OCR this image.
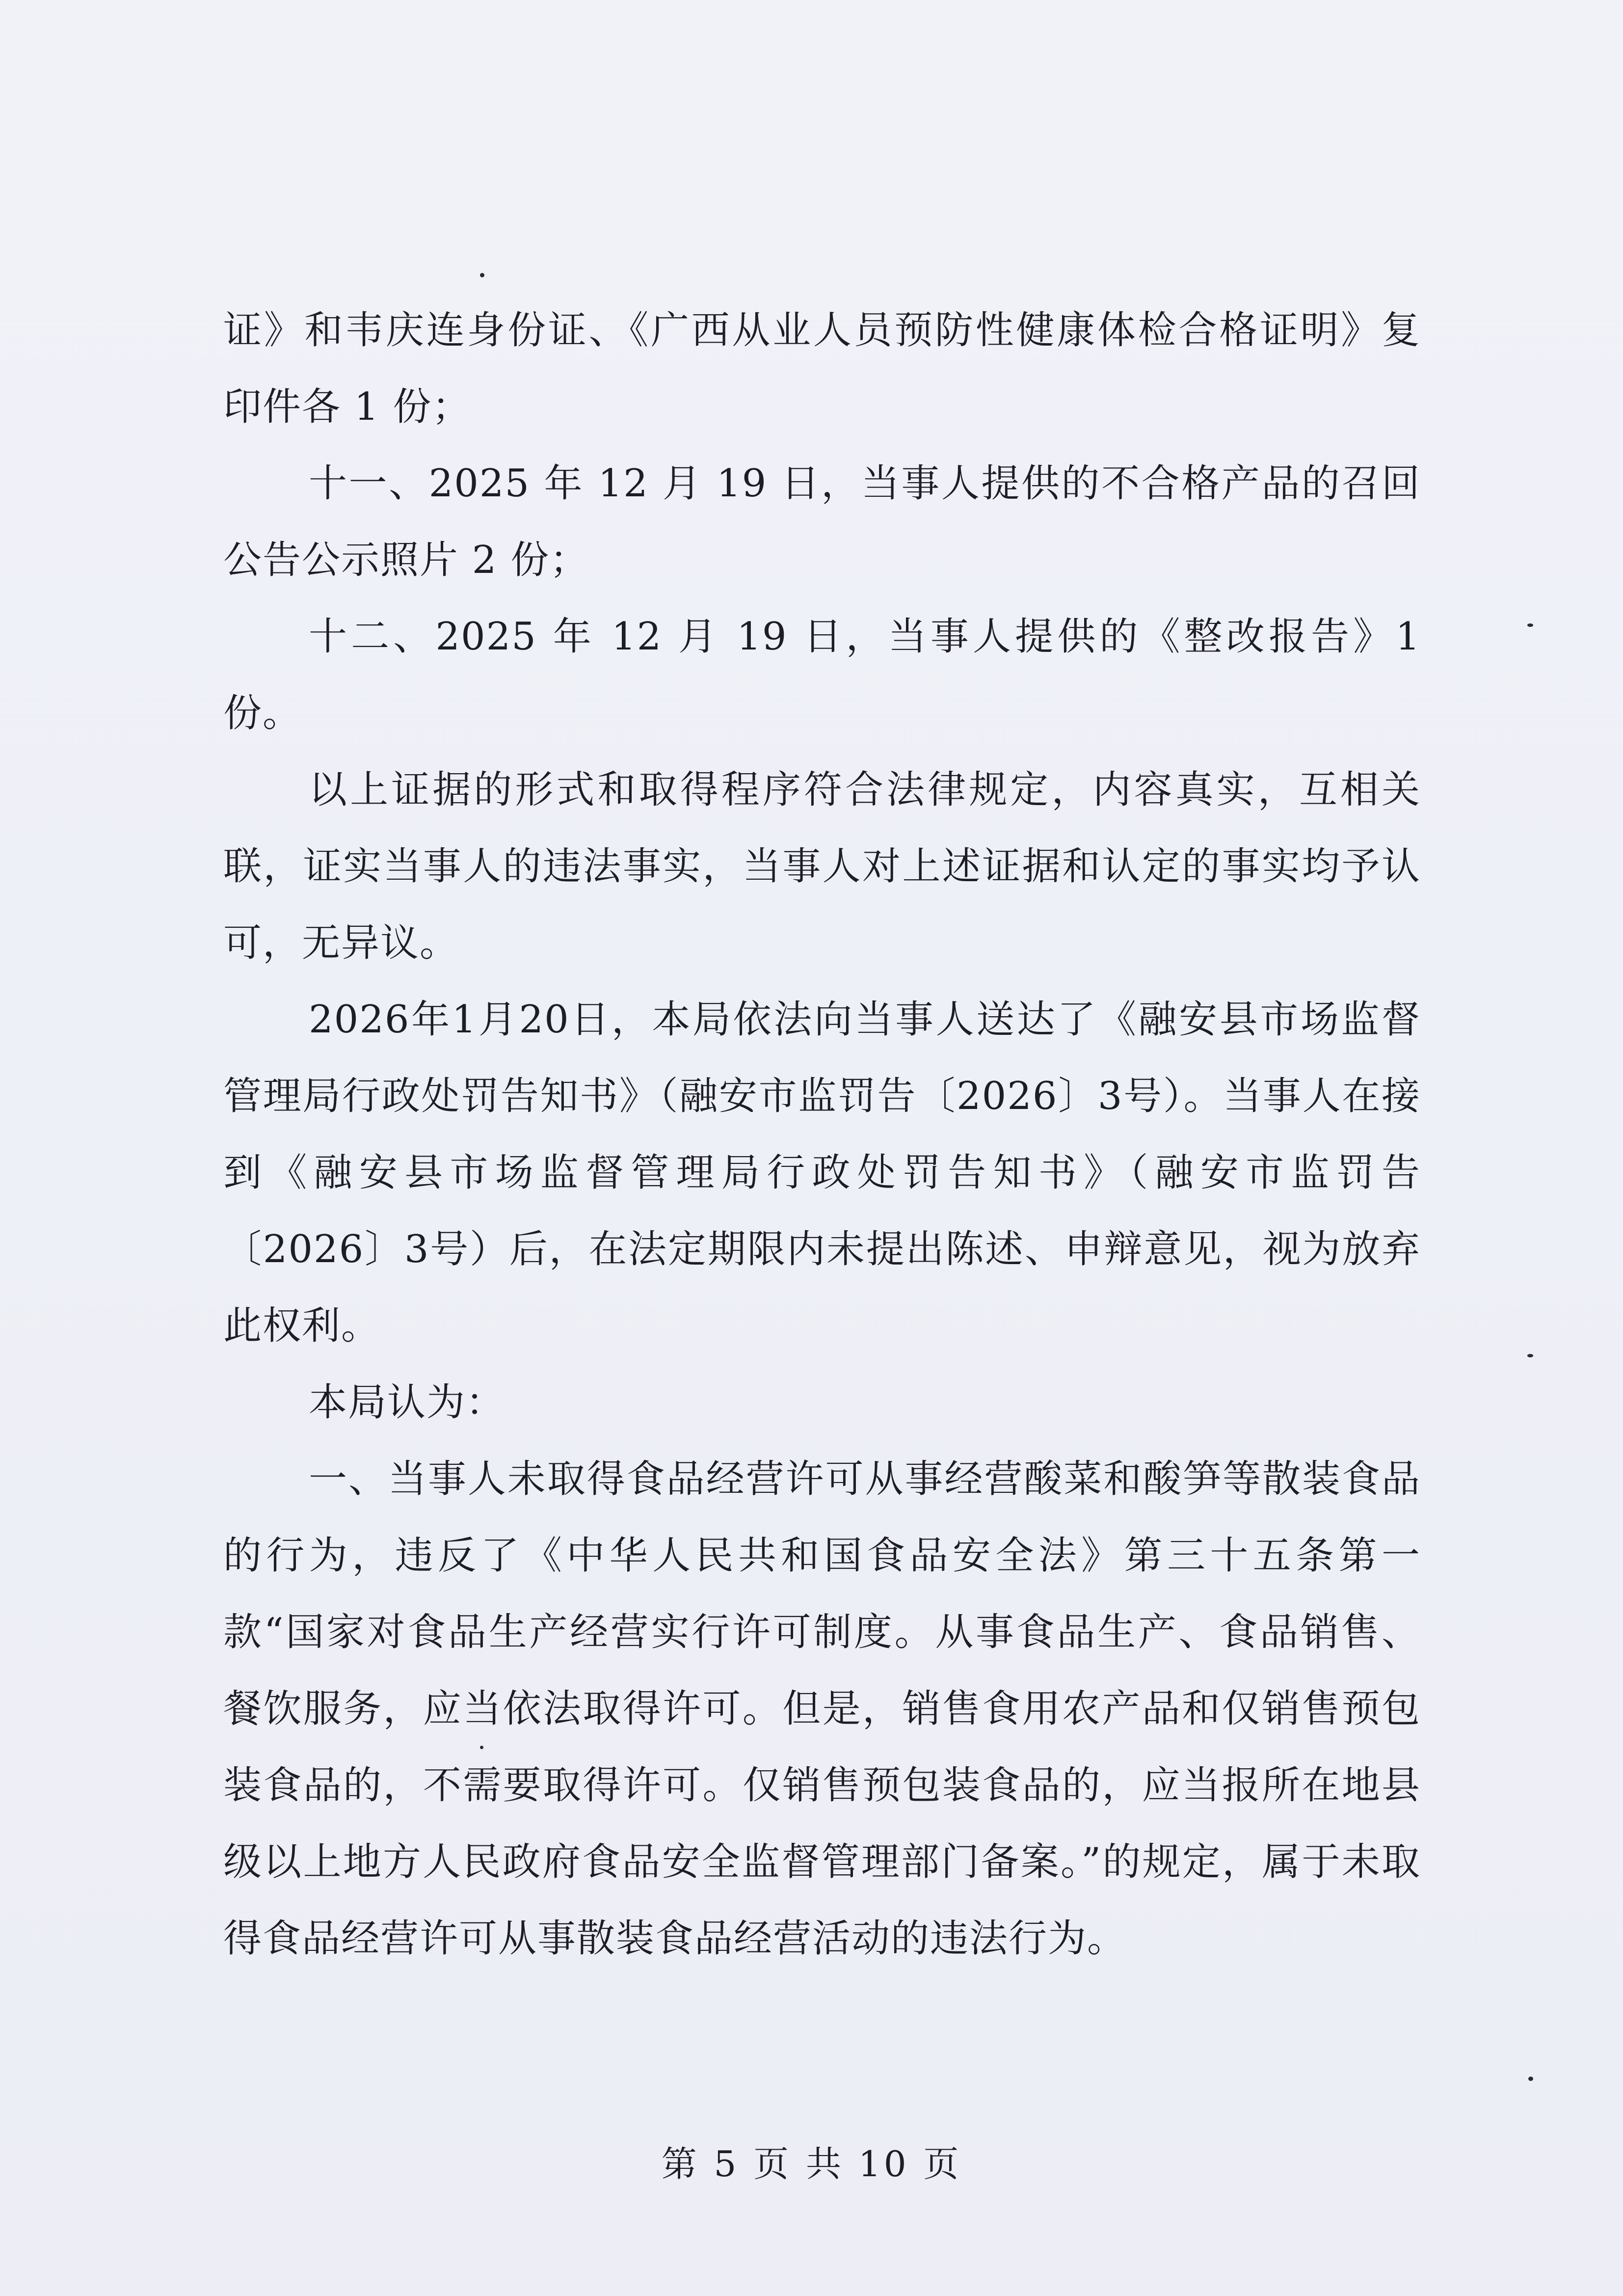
证》和韦庆连身份证、《广西从业人员预防性健康体检合格证明》复印件各 1 份；

十一、2025 年 12 月 19 日，当事人提供的不合格产品的召回公告公示照片 2 份；

十二、2025 年 12 月 19 日，当事人提供的《整改报告》1 份。

以上证据的形式和取得程序符合法律规定，内容真实，互相关联，证实当事人的违法事实，当事人对上述证据和认定的事实均予认可，无异议。

2026年1月20日，本局依法向当事人送达了《融安县市场监督管理局行政处罚告知书》（融安市监罚告〔2026〕3号）。当事人在接到《融安县市场监督管理局行政处罚告知书》（融安市监罚告〔2026〕3号）后，在法定期限内未提出陈述、申辩意见，视为放弃此权利。

本局认为：

一、当事人未取得食品经营许可从事经营酸菜和酸笋等散装食品的行为，违反了《中华人民共和国食品安全法》第三十五条第一款“国家对食品生产经营实行许可制度。从事食品生产、食品销售、餐饮服务，应当依法取得许可。但是，销售食用农产品和仅销售预包装食品的，不需要取得许可。仅销售预包装食品的，应当报所在地县级以上地方人民政府食品安全监督管理部门备案。”的规定，属于未取得食品经营许可从事散装食品经营活动的违法行为。

第 5 页 共 10 页
